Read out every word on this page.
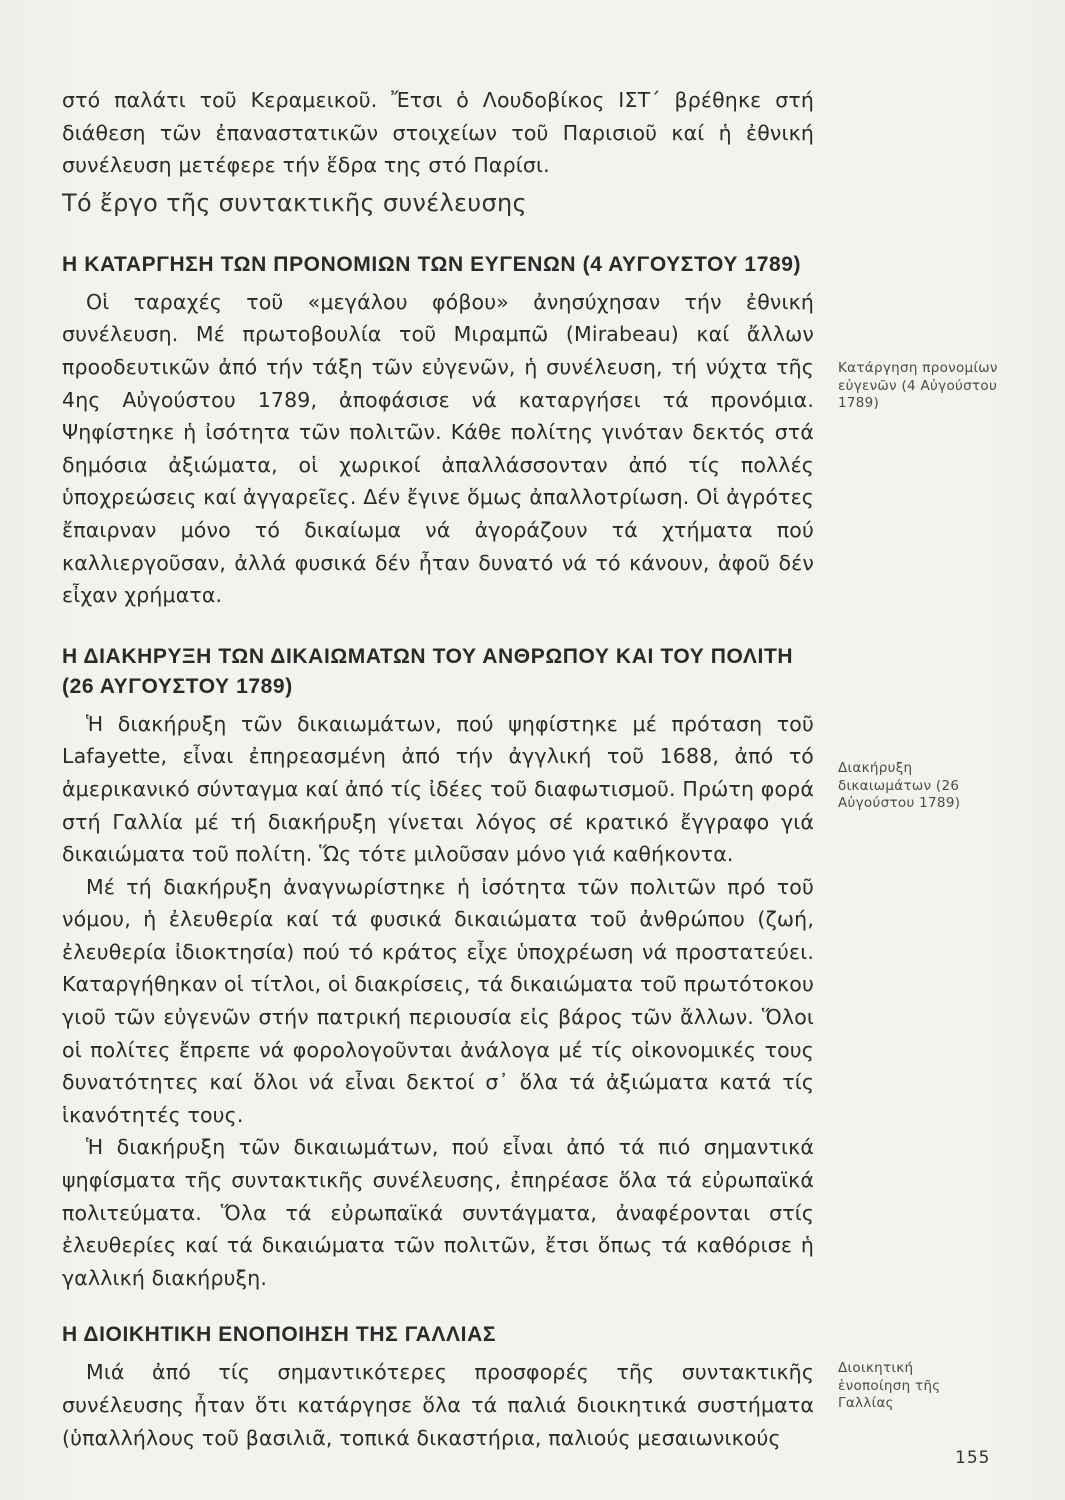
στό παλάτι τοῦ Κεραμεικοῦ. Ἔτσι ὁ Λουδοβίκος ΙΣΤ΄ βρέθηκε στή διάθεση τῶν ἐπαναστατικῶν στοιχείων τοῦ Παρισιοῦ καί ἡ ἐθνική συνέλευση μετέφερε τήν ἕδρα της στό Παρίσι.

Τό ἔργο τῆς συντακτικῆς συνέλευσης

Η ΚΑΤΑΡΓΗΣΗ ΤΩΝ ΠΡΟΝΟΜΙΩΝ ΤΩΝ ΕΥΓΕΝΩΝ (4 ΑΥΓΟΥΣΤΟΥ 1789)

Οἱ ταραχές τοῦ «μεγάλου φόβου» ἀνησύχησαν τήν ἐθνική συνέλευση. Μέ πρωτοβουλία τοῦ Μιραμπῶ (Mirabeau) καί ἄλλων προοδευτικῶν ἀπό τήν τάξη τῶν εὐγενῶν, ἡ συνέλευση, τή νύχτα τῆς 4ης Αὐγούστου 1789, ἀποφάσισε νά καταργήσει τά προνόμια. Ψηφίστηκε ἡ ἰσότητα τῶν πολιτῶν. Κάθε πολίτης γινόταν δεκτός στά δημόσια ἀξιώματα, οἱ χωρικοί ἀπαλλάσσονταν ἀπό τίς πολλές ὑποχρεώσεις καί ἀγγαρεῖες. Δέν ἔγινε ὅμως ἀπαλλοτρίωση. Οἱ ἀγρότες ἔπαιρναν μόνο τό δικαίωμα νά ἀγοράζουν τά χτήματα πού καλλιεργοῦσαν, ἀλλά φυσικά δέν ἦταν δυνατό νά τό κάνουν, ἀφοῦ δέν εἶχαν χρήματα.

Η ΔΙΑΚΗΡΥΞΗ ΤΩΝ ΔΙΚΑΙΩΜΑΤΩΝ ΤΟΥ ΑΝΘΡΩΠΟΥ ΚΑΙ ΤΟΥ ΠΟΛΙΤΗ (26 ΑΥΓΟΥΣΤΟΥ 1789)

Ἡ διακήρυξη τῶν δικαιωμάτων, πού ψηφίστηκε μέ πρόταση τοῦ Lafayette, εἶναι ἐπηρεασμένη ἀπό τήν ἀγγλική τοῦ 1688, ἀπό τό ἀμερικανικό σύνταγμα καί ἀπό τίς ἰδέες τοῦ διαφωτισμοῦ. Πρώτη φορά στή Γαλλία μέ τή διακήρυξη γίνεται λόγος σέ κρατικό ἔγγραφο γιά δικαιώματα τοῦ πολίτη. Ὥς τότε μιλοῦσαν μόνο γιά καθήκοντα.

Μέ τή διακήρυξη ἀναγνωρίστηκε ἡ ἰσότητα τῶν πολιτῶν πρό τοῦ νόμου, ἡ ἐλευθερία καί τά φυσικά δικαιώματα τοῦ ἀνθρώπου (ζωή, ἐλευθερία ἰδιοκτησία) πού τό κράτος εἶχε ὑποχρέωση νά προστατεύει. Καταργήθηκαν οἱ τίτλοι, οἱ διακρίσεις, τά δικαιώματα τοῦ πρωτότοκου γιοῦ τῶν εὐγενῶν στήν πατρική περιουσία εἰς βάρος τῶν ἄλλων. Ὅλοι οἱ πολίτες ἔπρεπε νά φορολογοῦνται ἀνάλογα μέ τίς οἰκονομικές τους δυνατότητες καί ὅλοι νά εἶναι δεκτοί σ᾽ ὅλα τά ἀξιώματα κατά τίς ἱκανότητές τους.

Ἡ διακήρυξη τῶν δικαιωμάτων, πού εἶναι ἀπό τά πιό σημαντικά ψηφίσματα τῆς συντακτικῆς συνέλευσης, ἐπηρέασε ὅλα τά εὐρωπαϊκά πολιτεύματα. Ὅλα τά εὐρωπαϊκά συντάγματα, ἀναφέρονται στίς ἐλευθερίες καί τά δικαιώματα τῶν πολιτῶν, ἔτσι ὅπως τά καθόρισε ἡ γαλλική διακήρυξη.

Η ΔΙΟΙΚΗΤΙΚΗ ΕΝΟΠΟΙΗΣΗ ΤΗΣ ΓΑΛΛΙΑΣ

Μιά ἀπό τίς σημαντικότερες προσφορές τῆς συντακτικῆς συνέλευσης ἦταν ὅτι κατάργησε ὅλα τά παλιά διοικητικά συστήματα (ὑπαλλήλους τοῦ βασιλιᾶ, τοπικά δικαστήρια, παλιούς μεσαιωνικούς

Κατάργηση προνομίων εὐγενῶν (4 Αὐγούστου 1789)
Διακήρυξη δικαιωμάτων (26 Αὐγούστου 1789)
Διοικητική ἑνοποίηση τῆς Γαλλίας
155
